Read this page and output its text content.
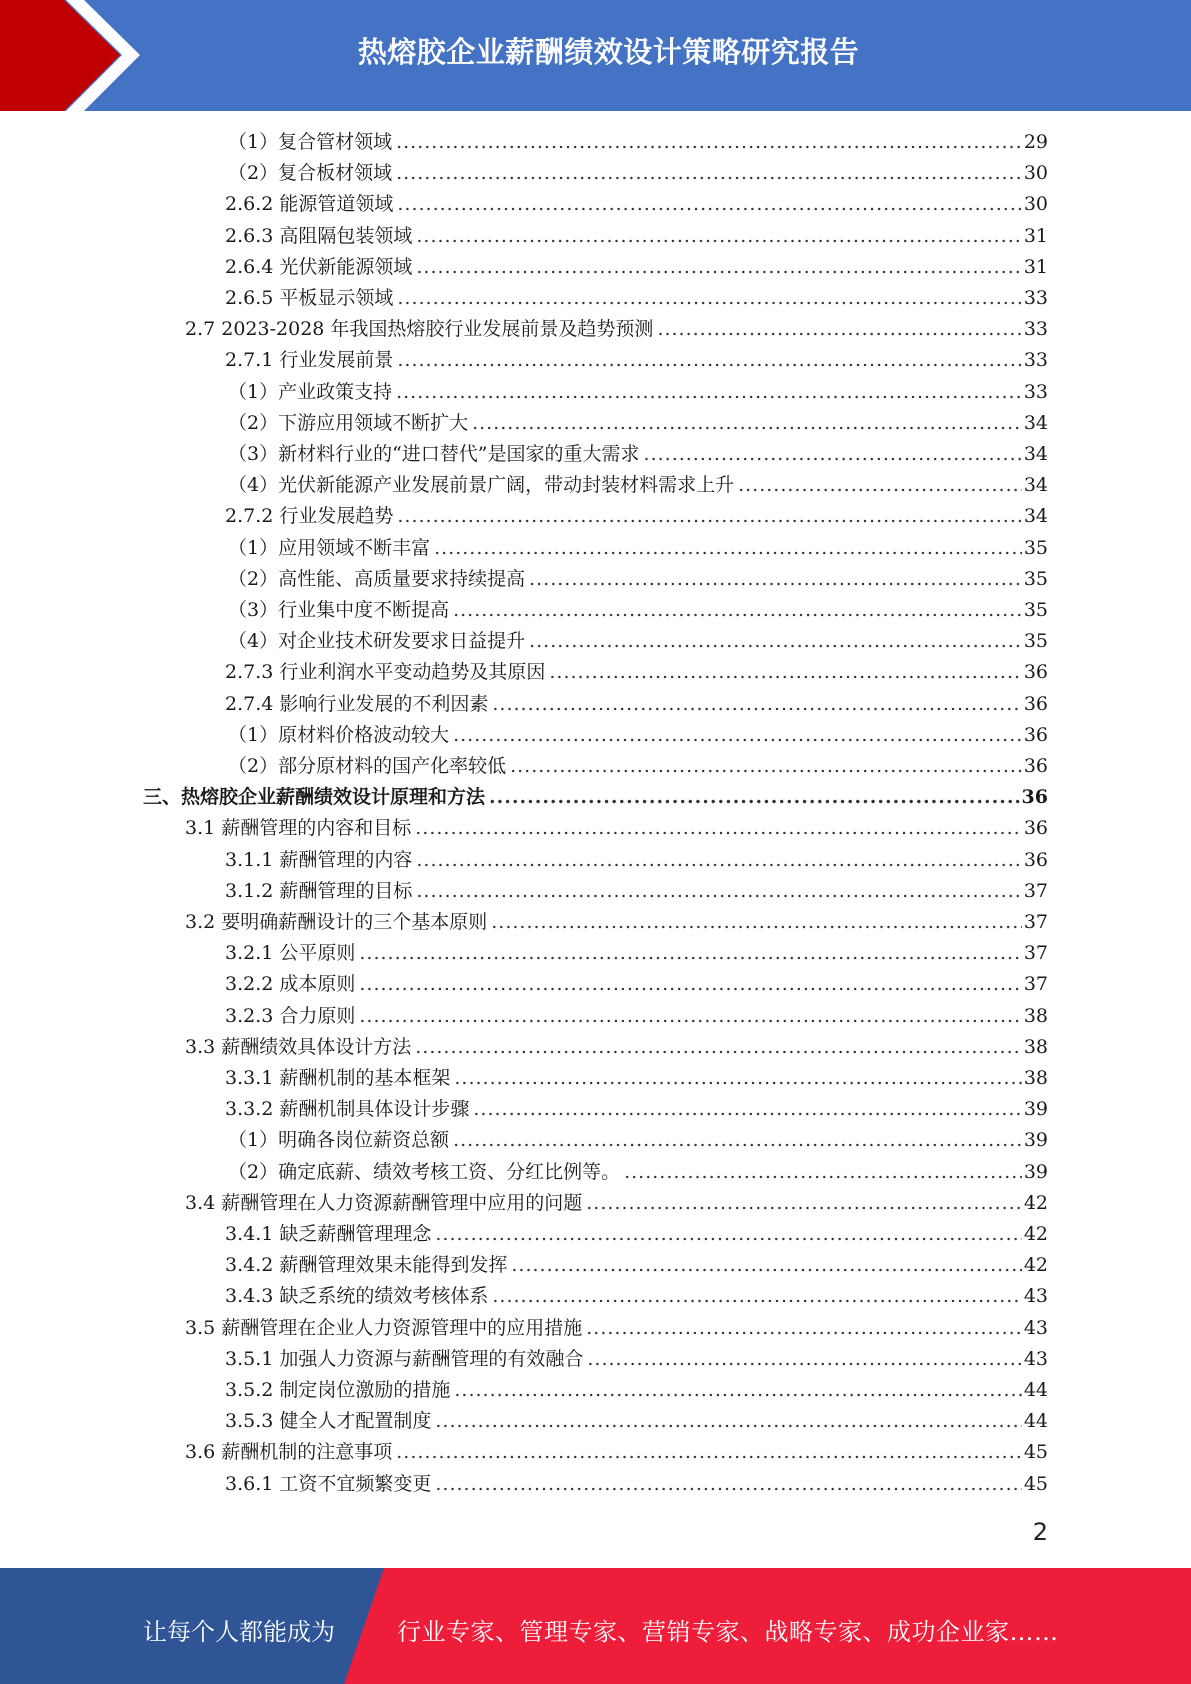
热熔胶企业薪酬绩效设计策略研究报告
（1）复合管材领域 .....	29
（2）复合板材领域 .....	30
2.6.2 能源管道领域 .....	30
2.6.3 高阻隔包装领域 .....	31
2.6.4 光伏新能源领域 .....	31
2.6.5 平板显示领域 .....	33
2.7 2023-2028 年我国热熔胶行业发展前景及趋势预测 .....	33
2.7.1 行业发展前景 .....	33
（1）产业政策支持 .....	33
（2）下游应用领域不断扩大 .....	34
（3）新材料行业的“进口替代”是国家的重大需求 .....	34
（4）光伏新能源产业发展前景广阔，带动封装材料需求上升 .....	34
2.7.2 行业发展趋势 .....	34
（1）应用领域不断丰富 .....	35
（2）高性能、高质量要求持续提高 .....	35
（3）行业集中度不断提高 .....	35
（4）对企业技术研发要求日益提升 .....	35
2.7.3 行业利润水平变动趋势及其原因 .....	36
2.7.4 影响行业发展的不利因素 .....	36
（1）原材料价格波动较大 .....	36
（2）部分原材料的国产化率较低 .....	36
三、热熔胶企业薪酬绩效设计原理和方法 .....	36
3.1 薪酬管理的内容和目标 .....	36
3.1.1 薪酬管理的内容 .....	36
3.1.2 薪酬管理的目标 .....	37
3.2 要明确薪酬设计的三个基本原则 .....	37
3.2.1 公平原则 .....	37
3.2.2 成本原则 .....	37
3.2.3 合力原则 .....	38
3.3 薪酬绩效具体设计方法 .....	38
3.3.1 薪酬机制的基本框架 .....	38
3.3.2 薪酬机制具体设计步骤 .....	39
（1）明确各岗位薪资总额 .....	39
（2）确定底薪、绩效考核工资、分红比例等。 .....	39
3.4 薪酬管理在人力资源薪酬管理中应用的问题 .....	42
3.4.1 缺乏薪酬管理理念 .....	42
3.4.2 薪酬管理效果未能得到发挥 .....	42
3.4.3 缺乏系统的绩效考核体系 .....	43
3.5 薪酬管理在企业人力资源管理中的应用措施 .....	43
3.5.1 加强人力资源与薪酬管理的有效融合 .....	43
3.5.2 制定岗位激励的措施 .....	44
3.5.3 健全人才配置制度 .....	44
3.6 薪酬机制的注意事项 .....	45
3.6.1 工资不宜频繁变更 .....	45
2
让每个人都能成为	行业专家、管理专家、营销专家、战略专家、成功企业家……
